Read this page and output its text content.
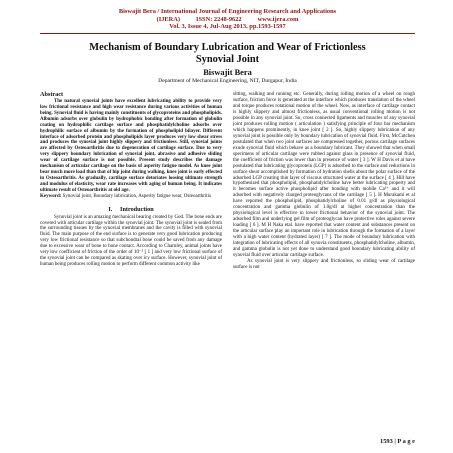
Biswajit Bera / International Journal of Engineering Research and Applications
(IJERA)          ISSN: 2248-9622          www.ijera.com
Vol. 3, Issue 4, Jul-Aug 2013, pp.1593-1597
Mechanism of Boundary Lubrication and Wear of Frictionless
Synovial Joint
Biswajit Bera
Department of Mechanical Engineering, NIT, Durgapur, India
Abstract

The natural synovial joints have excellent lubricating ability to provide very low frictional resistance and high wear resistance during various activities of human being. Synovial fluid is having mainly constituents of glycoproteins and phospholipids. Albumin adsorbs over globulin by hydrophobic bonding after formation of globulin coating on hydrophilic cartilage surface and phosphatidylcholine adsorbs over hydrophilic surface of albumin by the formation of phospholipid bilayer. Different interface of adsorbed protein and phospholipids layer produces very low shear stress and produces the synovial joint highly slippery and frictionless. Still, synovial joints are affected by Osteoarthritis due to degeneration of cartilage surface. Due to very very slippery boundary lubrication of synovial joint, abrasive and adhesive sliding wear of cartilage surface is not possible. Present study describes the damage mechanism of articular cartilage on the basis of asperity fatigue model. As knee joint bear much more load than that of hip joint during walking, knee joint is early effected in Osteoarthritis. As gradually, cartilage surface detoriates loosing ultimate strength and modulus of elasticity, wear rate increases with aging of human being. It indicates ultimate result of Osteoarthritis at old age.

Keyword: Synovial joint, Boundary lubrication, Asperity fatigue wear, Osteoarthritis

I.     Introduction

Synovial joint is an amazing mechanical bearing created by God. The bone ends are covered with articular cartilage within the synovial joint. The synovial joint is sealed from the surrounding tissues by the synovial membranes and the cavity is filled with synovial fluid. The main purpose of the end surface is to generate very good lubrication producing very low frictional resistance so that subchondral bone could be saved from any damage due to excessive wear of bone to bone contact. According to Charnley, animal joints have very low coefficient of friction of the order of 10⁻² [ 1 ] and very low frictional surface of the synovial joint can be compared as skating over icy surface. However, synovial joint of human being produces rolling motion to perform different common activity like

sitting, walking and running etc. Generally, during rolling motion of a wheel on rough surface, friction force is generated at the interface which produces translation of the wheel and torque produces rotational motion of the wheel. Now, as interface of cartilage contact is highly slippery and almost frictionless, as usual conventional rolling motion is not possible in any synovial joint. So, cross connected ligaments and muscles of any synovial joint produces rolling motion ( articulation ) satisfying principle of four bar mechanism which happens prominently, in knee joint [ 2 ]. So, highly slippery lubrication of any synovial joint is possible only by boundary lubrication of synovial fluid. First, McCutchen postulated that when two joint surfaces are compressed together, porous cartilage surfaces exude synovial fluid which behave as a boundary lubricant. They showed that when small specimens of articular cartilage were rubbed against glass in presence of synovial fluid, the coefficient of friction was lower than in presence of water [ 3 ]. W H Davis et al have postulated that lubricating glycoprotein (LGP) is adsorbed to the surface and reductions in surface shear accomplished by formation of hydration shells about the polar surface of the adsorbed LGP creating thin layer of viscous structured water at the surface [ 4 ]. Hill have hypothesized that phospholipid, phosphatidylcholine have better lubricating property and it becomes surface active phospholipid after bonding with mobile Ca²⁺ and it will adsorbed with negatively charged proteoglycans of the cartilage [ 5 ]. H Murakami et al have reported the phospholipid, phosphatidylcholine of 0.01 g/dl as physiological concentration and gamma globulin of 1.0g/dl at higher concentration than the physiological level is effective in lower frictional behavior of the synovial joint. The adsorbed film and underlying gel film of proteoglycan have protective roles against severe loading [ 6 ]. M H Naka etal. have reported that water content and substances present on the articular surface play an important role in lubrication through the formation of a layer with a high water content (hydrated layer) [ 7 ]. The mode of boundary lubrication with integration of lubricating effects of all synovia constituents, phosphatidylcholine, albumin, and gamma globulin is not yet done to understand good boundary lubricating ability of synovial fluid over articular cartilage surface.

As synovial joint is very slippery and frictionless, so sliding wear of cartilage surface is not

1593 | P a g e
